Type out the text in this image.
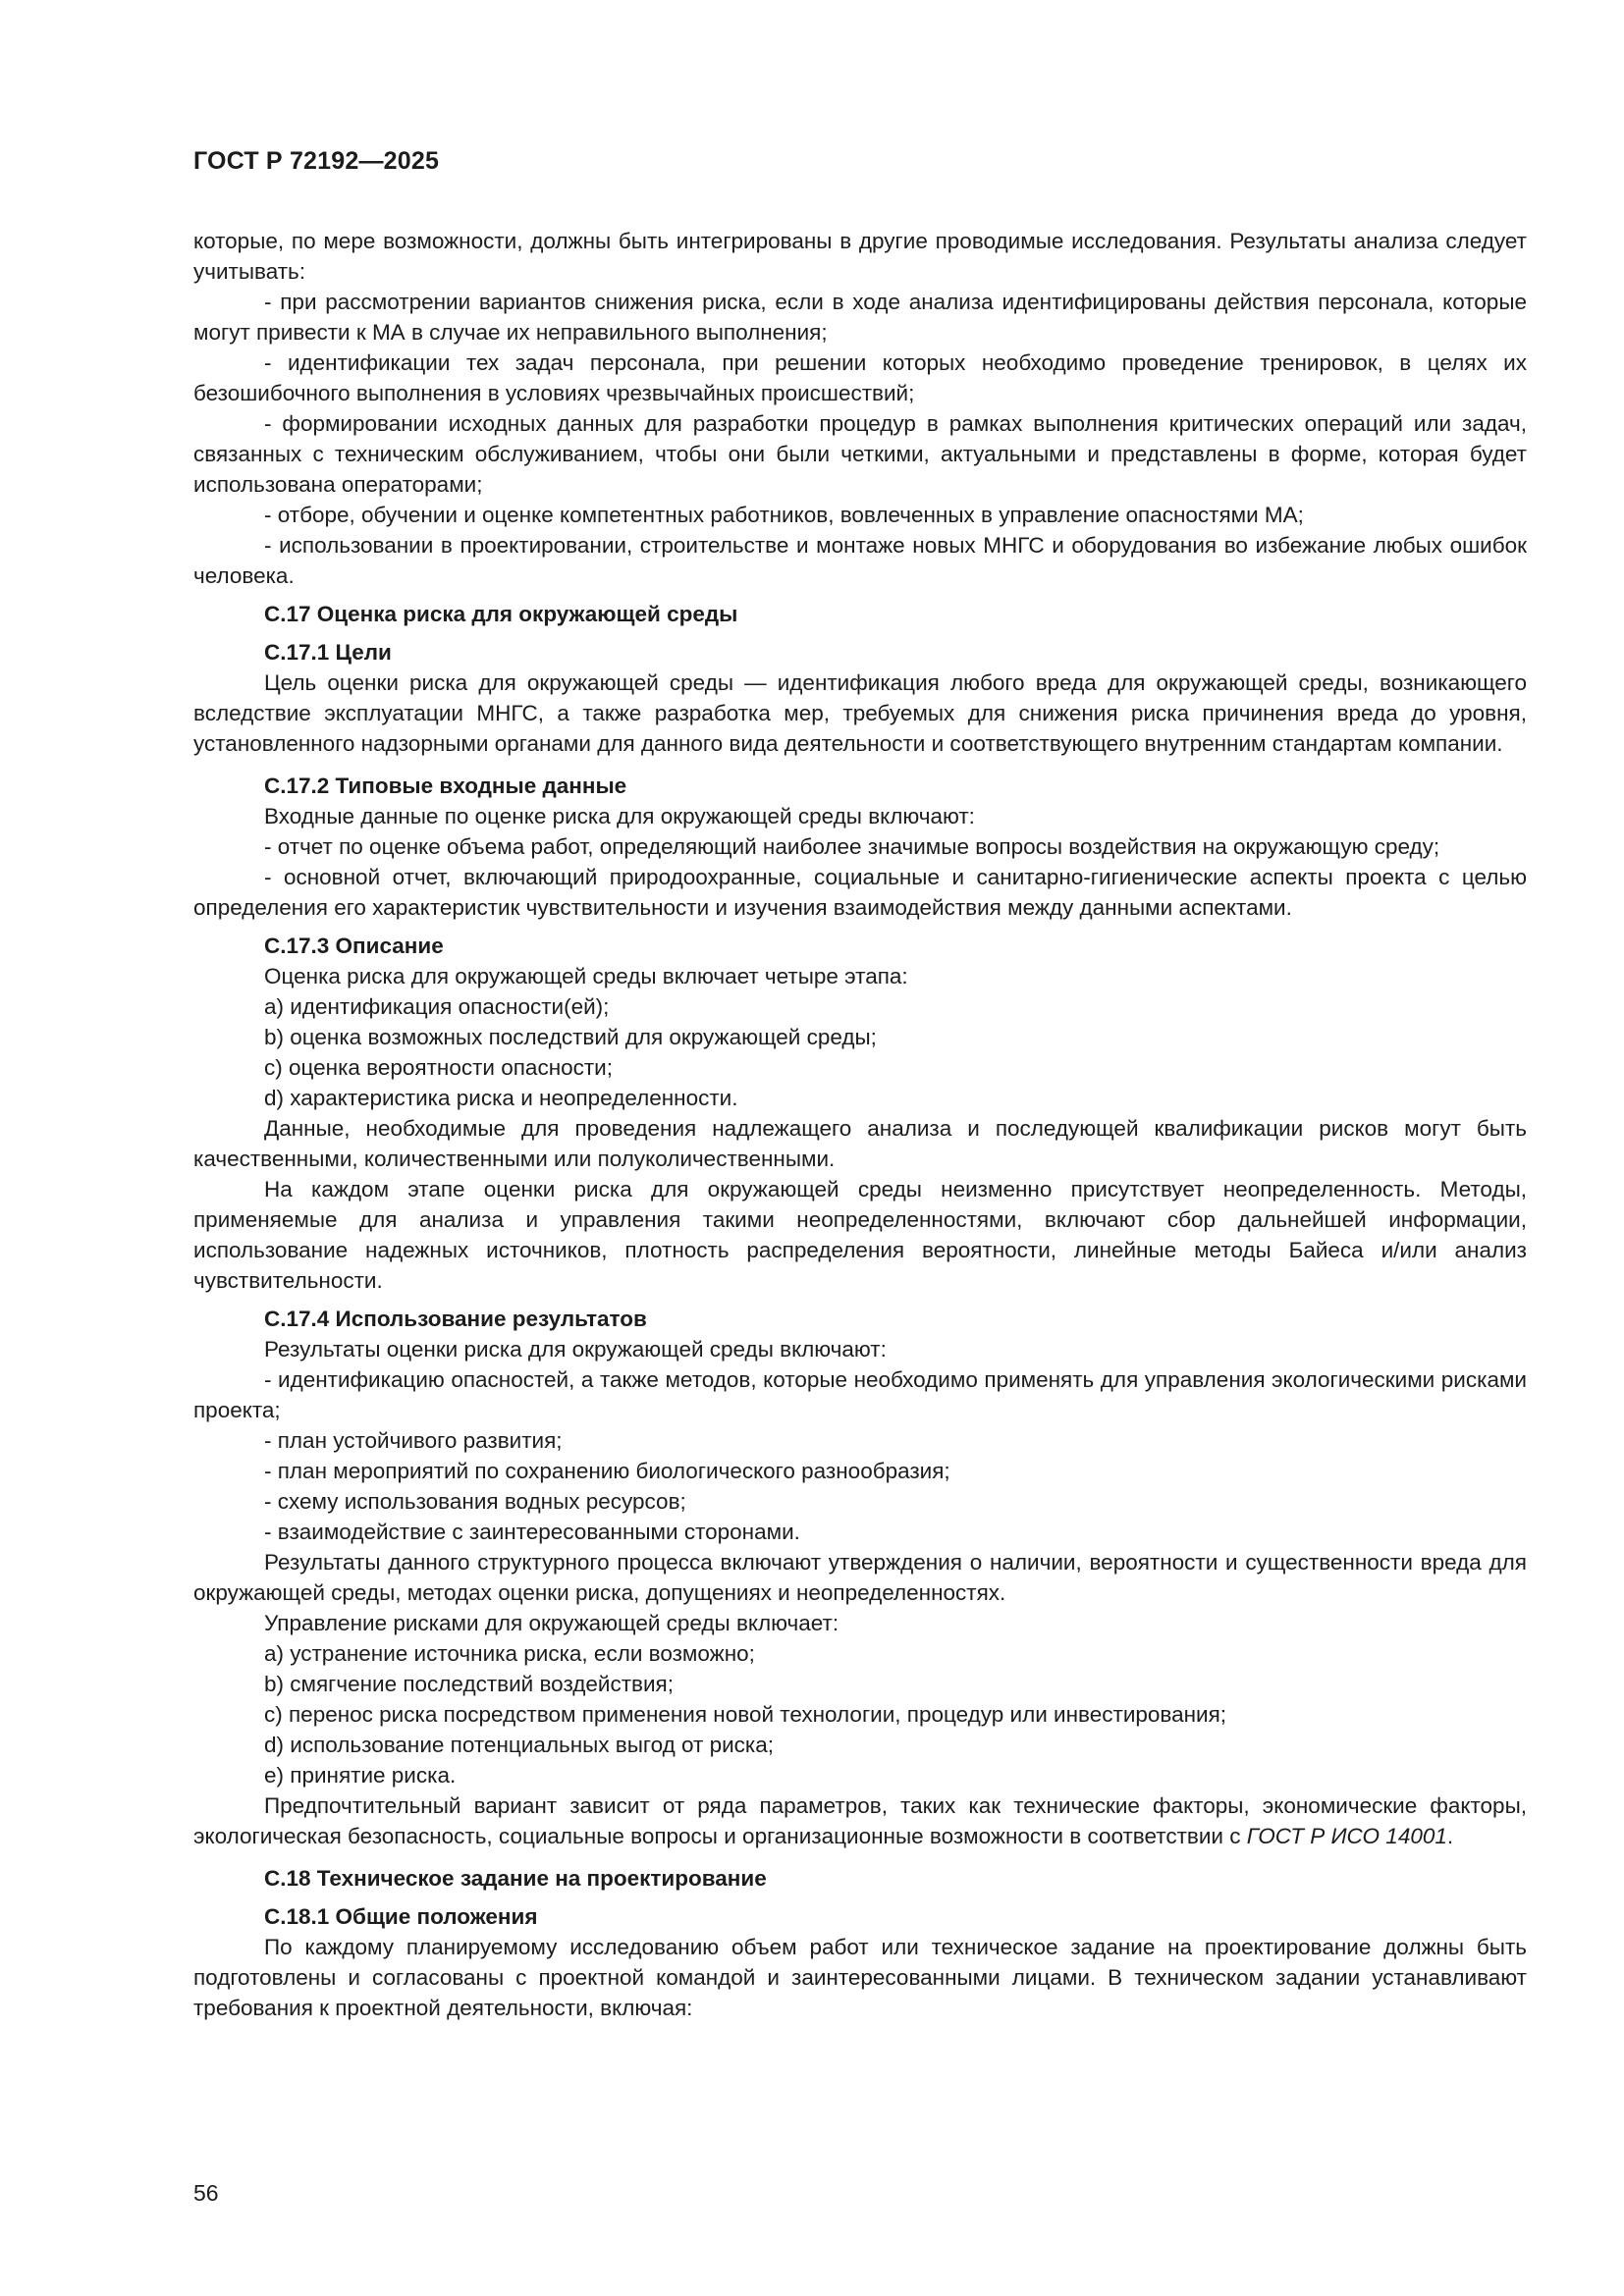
ГОСТ Р 72192—2025

которые, по мере возможности, должны быть интегрированы в другие проводимые исследования. Результаты анализа следует учитывать:

- при рассмотрении вариантов снижения риска, если в ходе анализа идентифицированы действия персонала, которые могут привести к МА в случае их неправильного выполнения;

- идентификации тех задач персонала, при решении которых необходимо проведение тренировок, в целях их безошибочного выполнения в условиях чрезвычайных происшествий;

- формировании исходных данных для разработки процедур в рамках выполнения критических операций или задач, связанных с техническим обслуживанием, чтобы они были четкими, актуальными и представлены в форме, которая будет использована операторами;

- отборе, обучении и оценке компетентных работников, вовлеченных в управление опасностями МА;

- использовании в проектировании, строительстве и монтаже новых МНГС и оборудования во избежание любых ошибок человека.

С.17 Оценка риска для окружающей среды

С.17.1 Цели

Цель оценки риска для окружающей среды — идентификация любого вреда для окружающей среды, возникающего вследствие эксплуатации МНГС, а также разработка мер, требуемых для снижения риска причинения вреда до уровня, установленного надзорными органами для данного вида деятельности и соответствующего внутренним стандартам компании.

С.17.2 Типовые входные данные

Входные данные по оценке риска для окружающей среды включают:

- отчет по оценке объема работ, определяющий наиболее значимые вопросы воздействия на окружающую среду;

- основной отчет, включающий природоохранные, социальные и санитарно-гигиенические аспекты проекта с целью определения его характеристик чувствительности и изучения взаимодействия между данными аспектами.

С.17.3 Описание

Оценка риска для окружающей среды включает четыре этапа:

a) идентификация опасности(ей);

b) оценка возможных последствий для окружающей среды;

c) оценка вероятности опасности;

d) характеристика риска и неопределенности.

Данные, необходимые для проведения надлежащего анализа и последующей квалификации рисков могут быть качественными, количественными или полуколичественными.

На каждом этапе оценки риска для окружающей среды неизменно присутствует неопределенность. Методы, применяемые для анализа и управления такими неопределенностями, включают сбор дальнейшей информации, использование надежных источников, плотность распределения вероятности, линейные методы Байеса и/или анализ чувствительности.

С.17.4 Использование результатов

Результаты оценки риска для окружающей среды включают:

- идентификацию опасностей, а также методов, которые необходимо применять для управления экологическими рисками проекта;

- план устойчивого развития;

- план мероприятий по сохранению биологического разнообразия;

- схему использования водных ресурсов;

- взаимодействие с заинтересованными сторонами.

Результаты данного структурного процесса включают утверждения о наличии, вероятности и существенности вреда для окружающей среды, методах оценки риска, допущениях и неопределенностях.

Управление рисками для окружающей среды включает:

a) устранение источника риска, если возможно;

b) смягчение последствий воздействия;

c) перенос риска посредством применения новой технологии, процедур или инвестирования;

d) использование потенциальных выгод от риска;

e) принятие риска.

Предпочтительный вариант зависит от ряда параметров, таких как технические факторы, экономические факторы, экологическая безопасность, социальные вопросы и организационные возможности в соответствии с ГОСТ Р ИСО 14001.

С.18 Техническое задание на проектирование

С.18.1 Общие положения

По каждому планируемому исследованию объем работ или техническое задание на проектирование должны быть подготовлены и согласованы с проектной командой и заинтересованными лицами. В техническом задании устанавливают требования к проектной деятельности, включая:

56
